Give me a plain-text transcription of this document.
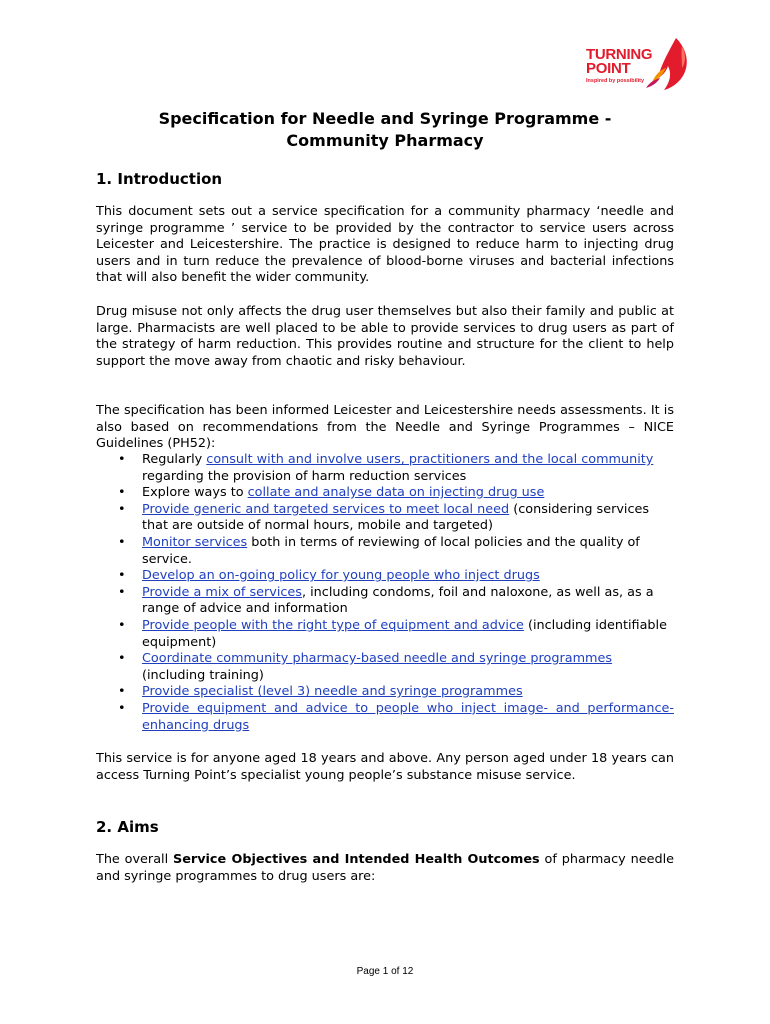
TURNING
POINT
Inspired by possibility
Specification for Needle and Syringe Programme -
Community Pharmacy
1. Introduction
This document sets out a service specification for a community pharmacy ‘needle and syringe programme ’ service to be provided by the contractor to service users across Leicester and Leicestershire. The practice is designed to reduce harm to injecting drug users and in turn reduce the prevalence of blood-borne viruses and bacterial infections that will also benefit the wider community.
Drug misuse not only affects the drug user themselves but also their family and public at large. Pharmacists are well placed to be able to provide services to drug users as part of the strategy of harm reduction. This provides routine and structure for the client to help support the move away from chaotic and risky behaviour.
The specification has been informed Leicester and Leicestershire needs assessments. It is also based on recommendations from the Needle and Syringe Programmes – NICE Guidelines (PH52):
• Regularly consult with and involve users, practitioners and the local community regarding the provision of harm reduction services
• Explore ways to collate and analyse data on injecting drug use
• Provide generic and targeted services to meet local need (considering services that are outside of normal hours, mobile and targeted)
• Monitor services both in terms of reviewing of local policies and the quality of service.
• Develop an on-going policy for young people who inject drugs
• Provide a mix of services, including condoms, foil and naloxone, as well as, as a range of advice and information
• Provide people with the right type of equipment and advice (including identifiable equipment)
• Coordinate community pharmacy-based needle and syringe programmes (including training)
• Provide specialist (level 3) needle and syringe programmes
• Provide equipment and advice to people who inject image- and performance-enhancing drugs
This service is for anyone aged 18 years and above. Any person aged under 18 years can access Turning Point’s specialist young people’s substance misuse service.
2. Aims
The overall Service Objectives and Intended Health Outcomes of pharmacy needle and syringe programmes to drug users are:
Page 1 of 12
